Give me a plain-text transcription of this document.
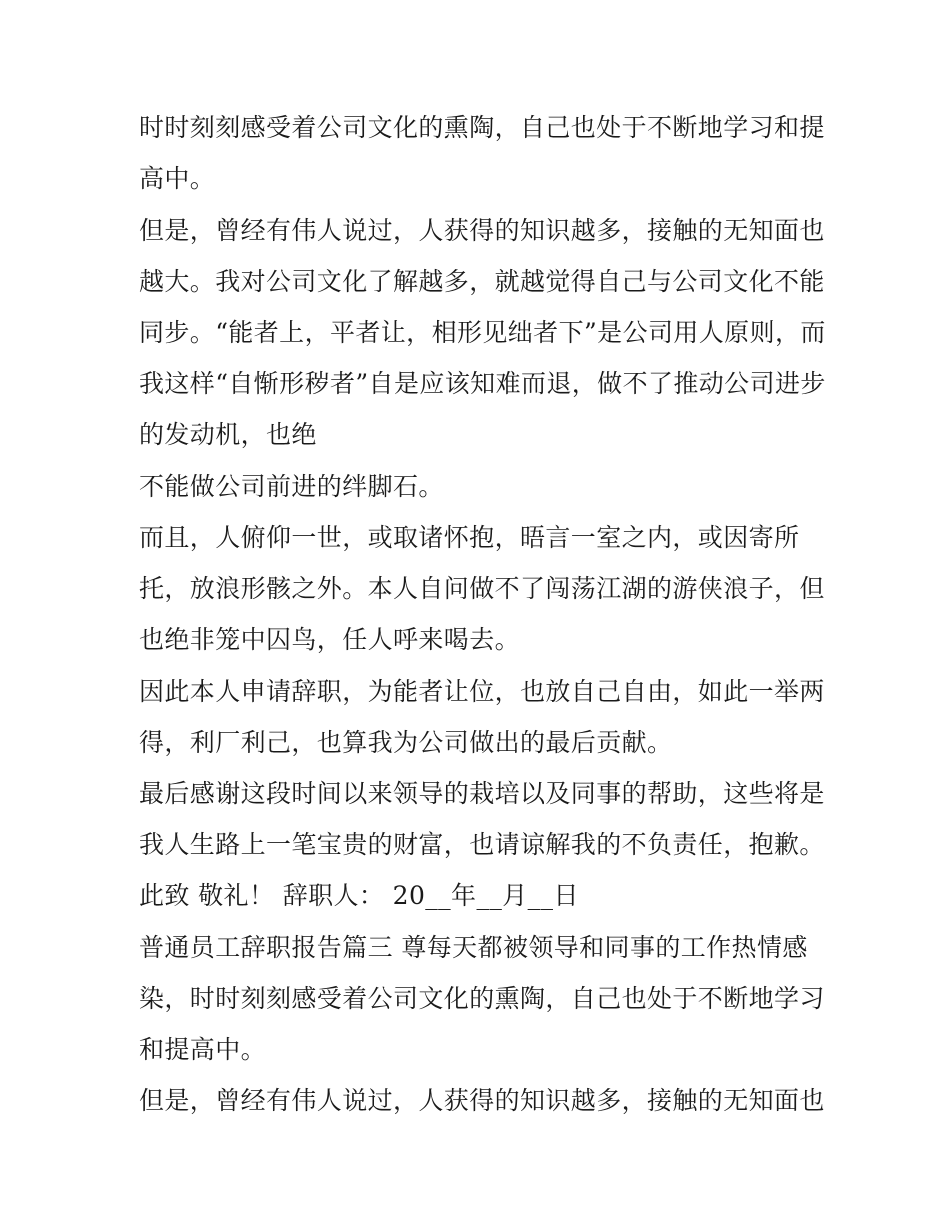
时时刻刻感受着公司文化的熏陶，自己也处于不断地学习和提
高中。
但是，曾经有伟人说过，人获得的知识越多，接触的无知面也
越大。我对公司文化了解越多，就越觉得自己与公司文化不能
同步。“能者上，平者让，相形见绌者下”是公司用人原则，而
我这样“自惭形秽者”自是应该知难而退，做不了推动公司进步
的发动机，也绝
不能做公司前进的绊脚石。
而且，人俯仰一世，或取诸怀抱，晤言一室之内，或因寄所
托，放浪形骸之外。本人自问做不了闯荡江湖的游侠浪子，但
也绝非笼中囚鸟，任人呼来喝去。
因此本人申请辞职，为能者让位，也放自己自由，如此一举两
得，利厂利己，也算我为公司做出的最后贡献。
最后感谢这段时间以来领导的栽培以及同事的帮助，这些将是
我人生路上一笔宝贵的财富，也请谅解我的不负责任，抱歉。
此致 敬礼！ 辞职人： 20__年__月__日
普通员工辞职报告篇三 尊每天都被领导和同事的工作热情感
染，时时刻刻感受着公司文化的熏陶，自己也处于不断地学习
和提高中。
但是，曾经有伟人说过，人获得的知识越多，接触的无知面也
